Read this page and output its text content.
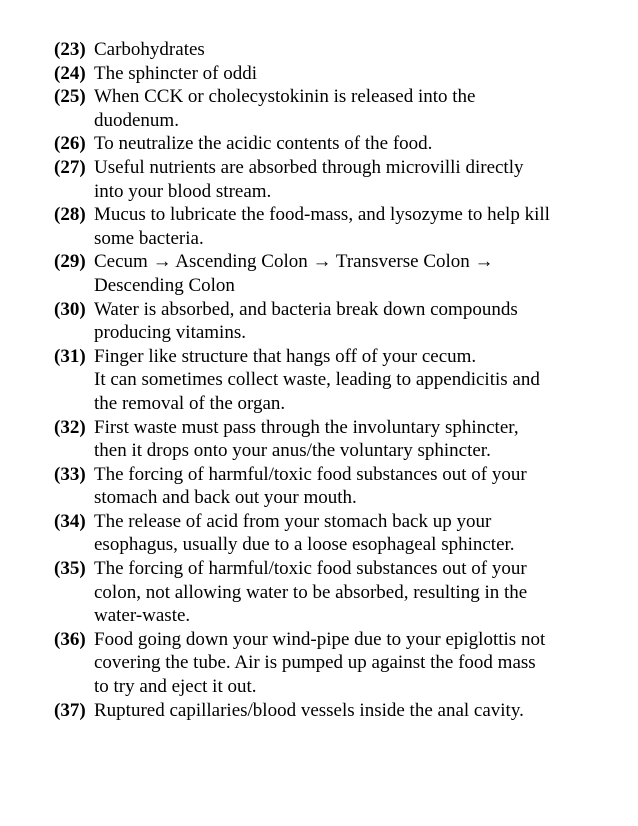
(23) Carbohydrates
(24) The sphincter of oddi
(25) When CCK or cholecystokinin is released into the
duodenum.
(26) To neutralize the acidic contents of the food.
(27) Useful nutrients are absorbed through microvilli directly
into your blood stream.
(28) Mucus to lubricate the food-mass, and lysozyme to help kill
some bacteria.
(29) Cecum → Ascending Colon → Transverse Colon →
Descending Colon
(30) Water is absorbed, and bacteria break down compounds
producing vitamins.
(31) Finger like structure that hangs off of your cecum.
It can sometimes collect waste, leading to appendicitis and
the removal of the organ.
(32) First waste must pass through the involuntary sphincter,
then it drops onto your anus/the voluntary sphincter.
(33) The forcing of harmful/toxic food substances out of your
stomach and back out your mouth.
(34) The release of acid from your stomach back up your
esophagus, usually due to a loose esophageal sphincter.
(35) The forcing of harmful/toxic food substances out of your
colon, not allowing water to be absorbed, resulting in the
water-waste.
(36) Food going down your wind-pipe due to your epiglottis not
covering the tube. Air is pumped up against the food mass
to try and eject it out.
(37) Ruptured capillaries/blood vessels inside the anal cavity.
